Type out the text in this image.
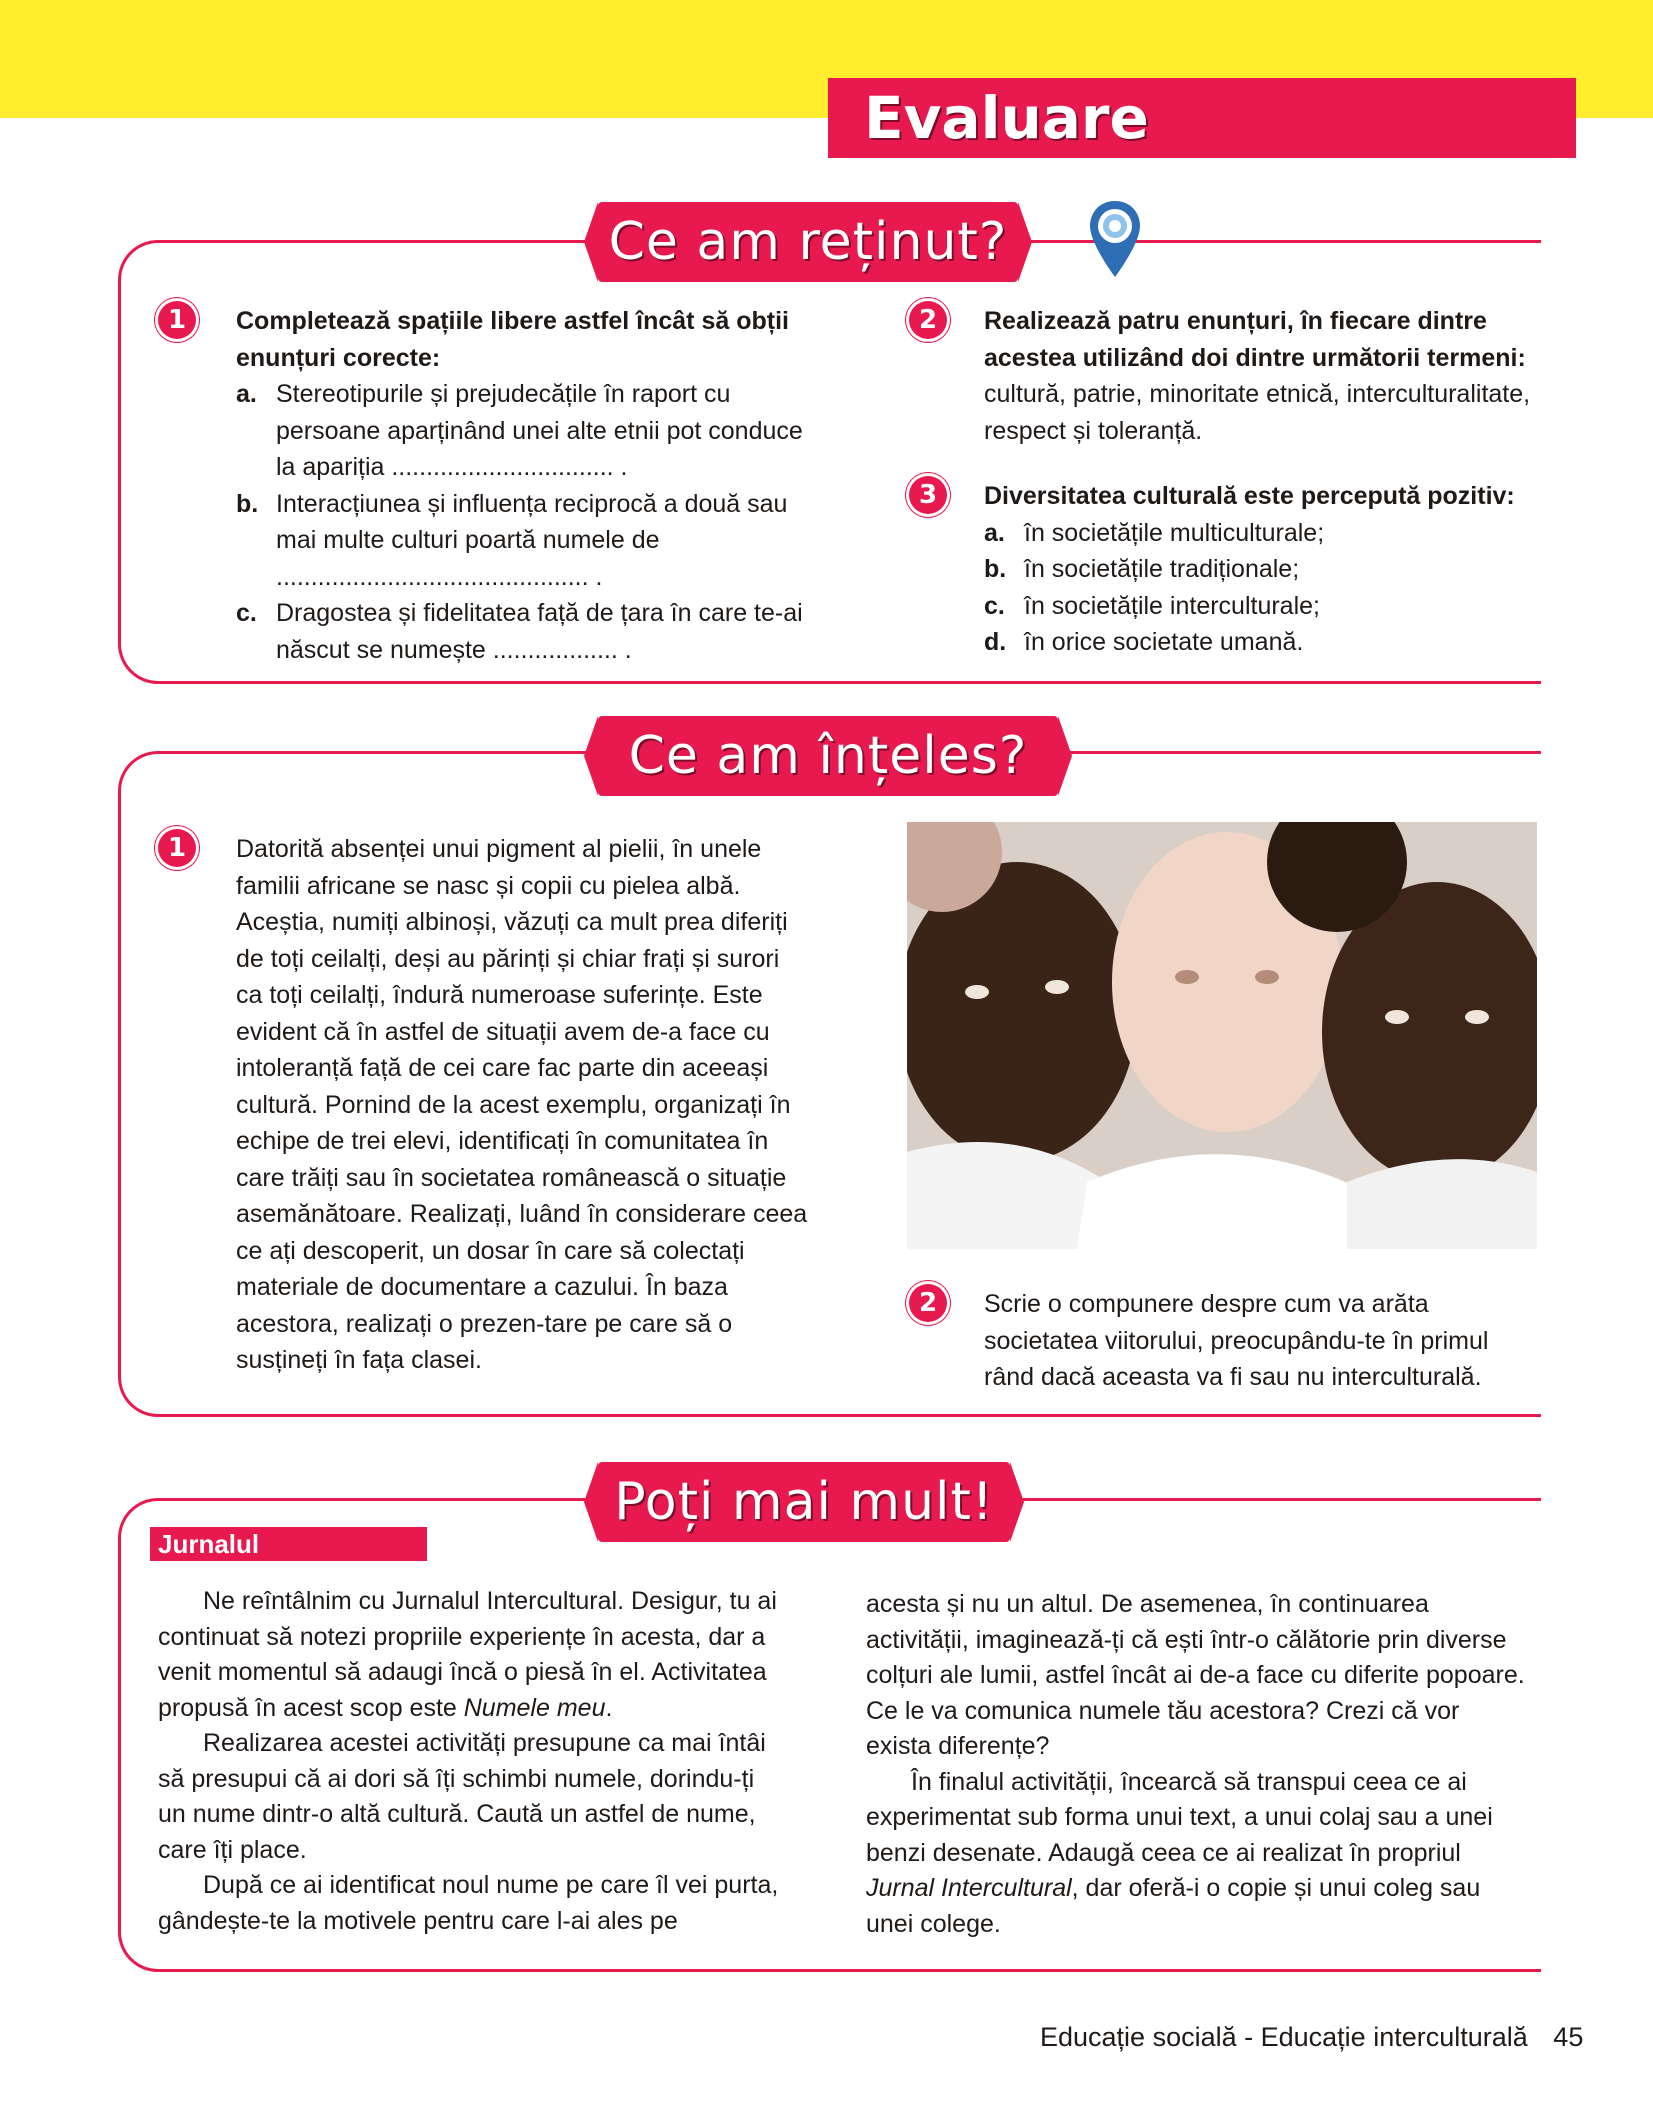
Evaluare
Ce am reținut?
1	Completează spațiile libere astfel încât să obții enunțuri corecte:
a. Stereotipurile și prejudecățile în raport cu persoane aparținând unei alte etnii pot conduce la apariția ................................ .
b. Interacțiunea și influența reciprocă a două sau mai multe culturi poartă numele de ............................................. .
c. Dragostea și fidelitatea față de țara în care te-ai născut se numește .................. .
2	Realizează patru enunțuri, în fiecare dintre acestea utilizând doi dintre următorii termeni: cultură, patrie, minoritate etnică, interculturalitate, respect și toleranță.
3	Diversitatea culturală este percepută pozitiv:
a. în societățile multiculturale;
b. în societățile tradiționale;
c. în societățile interculturale;
d. în orice societate umană.
Ce am înțeles?
1	Datorită absenței unui pigment al pielii, în unele familii africane se nasc și copii cu pielea albă. Aceștia, numiți albinoși, văzuți ca mult prea diferiți de toți ceilalți, deși au părinți și chiar frați și surori ca toți ceilalți, îndură numeroase suferințe. Este evident că în astfel de situații avem de-a face cu intoleranță față de cei care fac parte din aceeași cultură. Pornind de la acest exemplu, organizați în echipe de trei elevi, identificați în comunitatea în care trăiți sau în societatea românească o situație asemănătoare. Realizați, luând în considerare ceea ce ați descoperit, un dosar în care să colectați materiale de documentare a cazului. În baza acestora, realizați o prezen-tare pe care să o susțineți în fața clasei.
2	Scrie o compunere despre cum va arăta societatea viitorului, preocupându-te în primul rând dacă aceasta va fi sau nu interculturală.
Poți mai mult!
Jurnalul
Ne reîntâlnim cu Jurnalul Intercultural. Desigur, tu ai continuat să notezi propriile experiențe în acesta, dar a venit momentul să adaugi încă o piesă în el. Activitatea propusă în acest scop este Numele meu.
Realizarea acestei activități presupune ca mai întâi să presupui că ai dori să îți schimbi numele, dorindu-ți un nume dintr-o altă cultură. Caută un astfel de nume, care îți place.
După ce ai identificat noul nume pe care îl vei purta, gândește-te la motivele pentru care l-ai ales pe
acesta și nu un altul. De asemenea, în continuarea activității, imaginează-ți că ești într-o călătorie prin diverse colțuri ale lumii, astfel încât ai de-a face cu diferite popoare. Ce le va comunica numele tău acestora? Crezi că vor exista diferențe?
În finalul activității, încearcă să transpui ceea ce ai experimentat sub forma unui text, a unui colaj sau a unei benzi desenate. Adaugă ceea ce ai realizat în propriul Jurnal Intercultural, dar oferă-i o copie și unui coleg sau unei colege.
Educație socială - Educație interculturală 45
